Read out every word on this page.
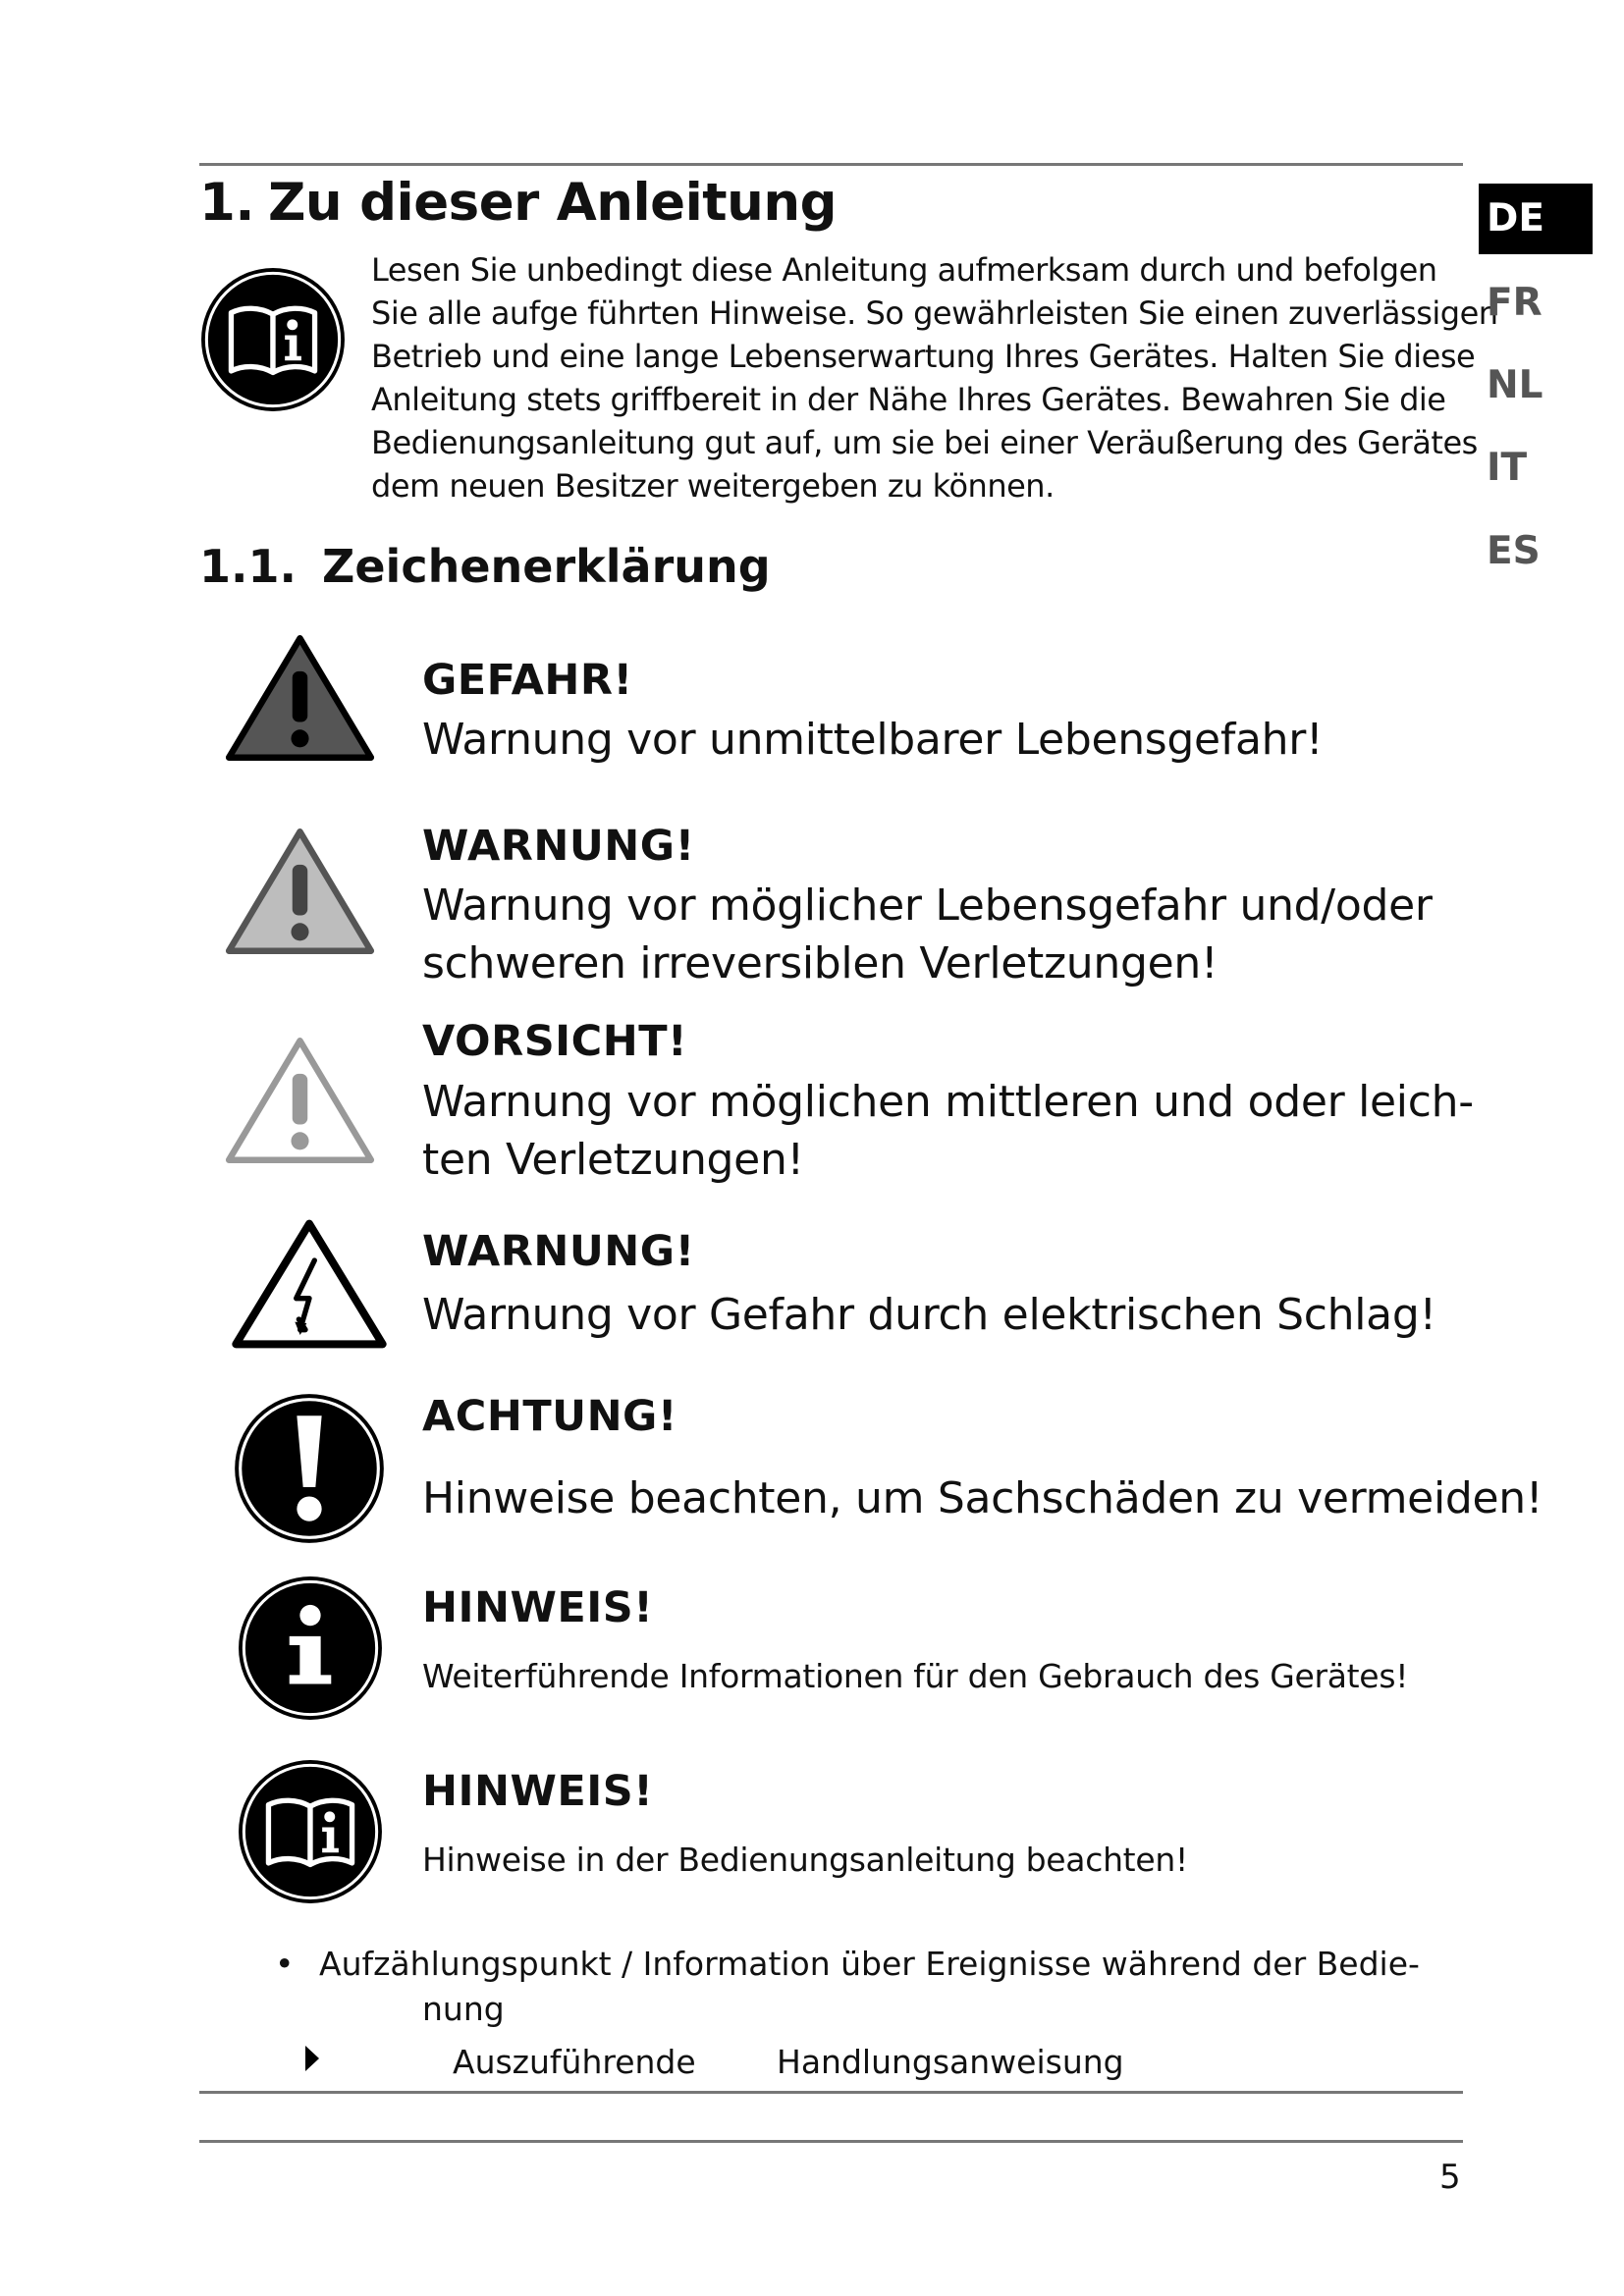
1. Zu dieser Anleitung
Lesen Sie unbedingt diese Anleitung aufmerksam durch und befolgen
Sie alle aufge führten Hinweise. So gewährleisten Sie einen zuverlässigen
Betrieb und eine lange Lebenserwartung Ihres Gerätes. Halten Sie diese
Anleitung stets griffbereit in der Nähe Ihres Gerätes. Bewahren Sie die
Bedienungsanleitung gut auf, um sie bei einer Veräußerung des Gerätes
dem neuen Besitzer weitergeben zu können.
DE
FR
NL
IT
ES
1.1. Zeichenerklärung
GEFAHR!
Warnung vor unmittelbarer Lebensgefahr!
WARNUNG!
Warnung vor möglicher Lebensgefahr und/oder
schweren irreversiblen Verletzungen!
VORSICHT!
Warnung vor möglichen mittleren und oder leich-
ten Verletzungen!
WARNUNG!
Warnung vor Gefahr durch elektrischen Schlag!
ACHTUNG!
Hinweise beachten, um Sachschäden zu vermeiden!
HINWEIS!
Weiterführende Informationen für den Gebrauch des Gerätes!
HINWEIS!
Hinweise in der Bedienungsanleitung beachten!
• Aufzählungspunkt / Information über Ereignisse während der Bedie-
nung
Auszuführende Handlungsanweisung
5
